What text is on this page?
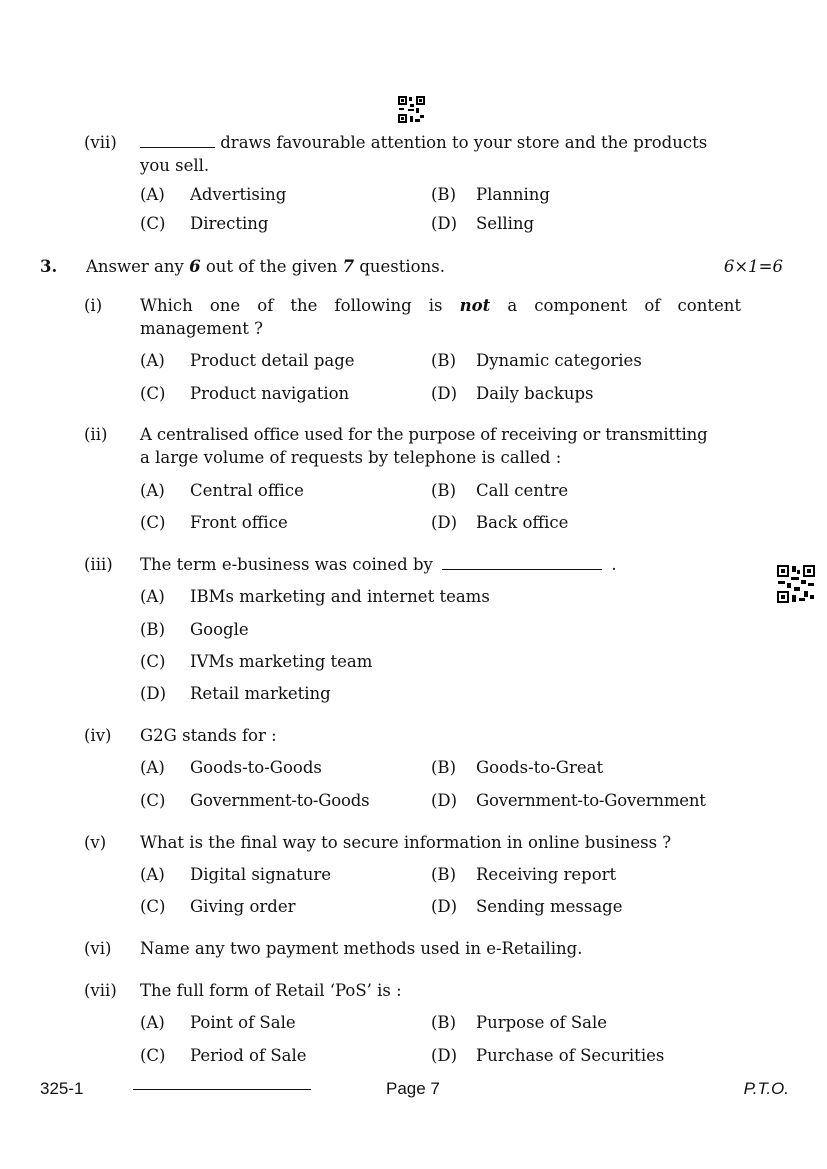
(vii)	draws favourable attention to your store and the products
you sell.
(A) Advertising	(B) Planning
(C) Directing	(D) Selling
3. Answer any 6 out of the given 7 questions.	6×1=6
(i) Which one of the following is not a component of content
management ?
(A) Product detail page	(B) Dynamic categories
(C) Product navigation	(D) Daily backups
(ii) A centralised office used for the purpose of receiving or transmitting
a large volume of requests by telephone is called :
(A) Central office	(B) Call centre
(C) Front office	(D) Back office
(iii) The term e-business was coined by	.
(A) IBMs marketing and internet teams
(B) Google
(C) IVMs marketing team
(D) Retail marketing
(iv) G2G stands for :
(A) Goods-to-Goods	(B) Goods-to-Great
(C) Government-to-Goods	(D) Government-to-Government
(v) What is the final way to secure information in online business ?
(A) Digital signature	(B) Receiving report
(C) Giving order	(D) Sending message
(vi) Name any two payment methods used in e-Retailing.
(vii) The full form of Retail ‘PoS’ is :
(A) Point of Sale	(B) Purpose of Sale
(C) Period of Sale	(D) Purchase of Securities
325-1	Page 7	P.T.O.
